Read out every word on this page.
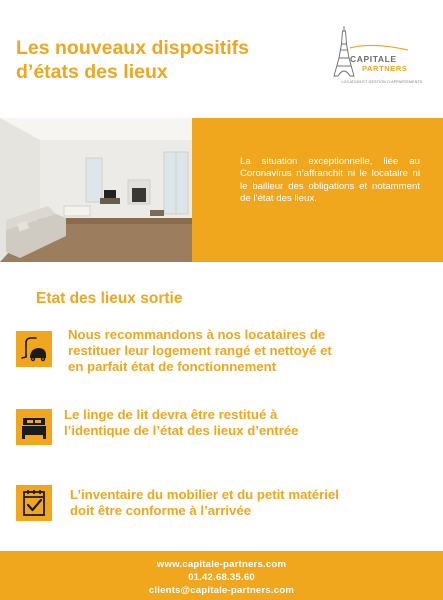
Les nouveaux dispositifs
d’états des lieux
CAPITALE
PARTNERS
LOCATION ET GESTION D’APPARTEMENTS
La situation exceptionnelle, liée au Coronavirus n’affranchit ni le locataire ni le bailleur des obligations et notamment de l’état des lieux.
Etat des lieux sortie
Nous recommandons à nos locataires de
restituer leur logement rangé et nettoyé et
en parfait état de fonctionnement
Le linge de lit devra être restitué à
l’identique de l’état des lieux d’entrée
L’inventaire du mobilier et du petit matériel
doit être conforme à l’arrivée
www.capitale-partners.com
01.42.68.35.60
clients@capitale-partners.com
